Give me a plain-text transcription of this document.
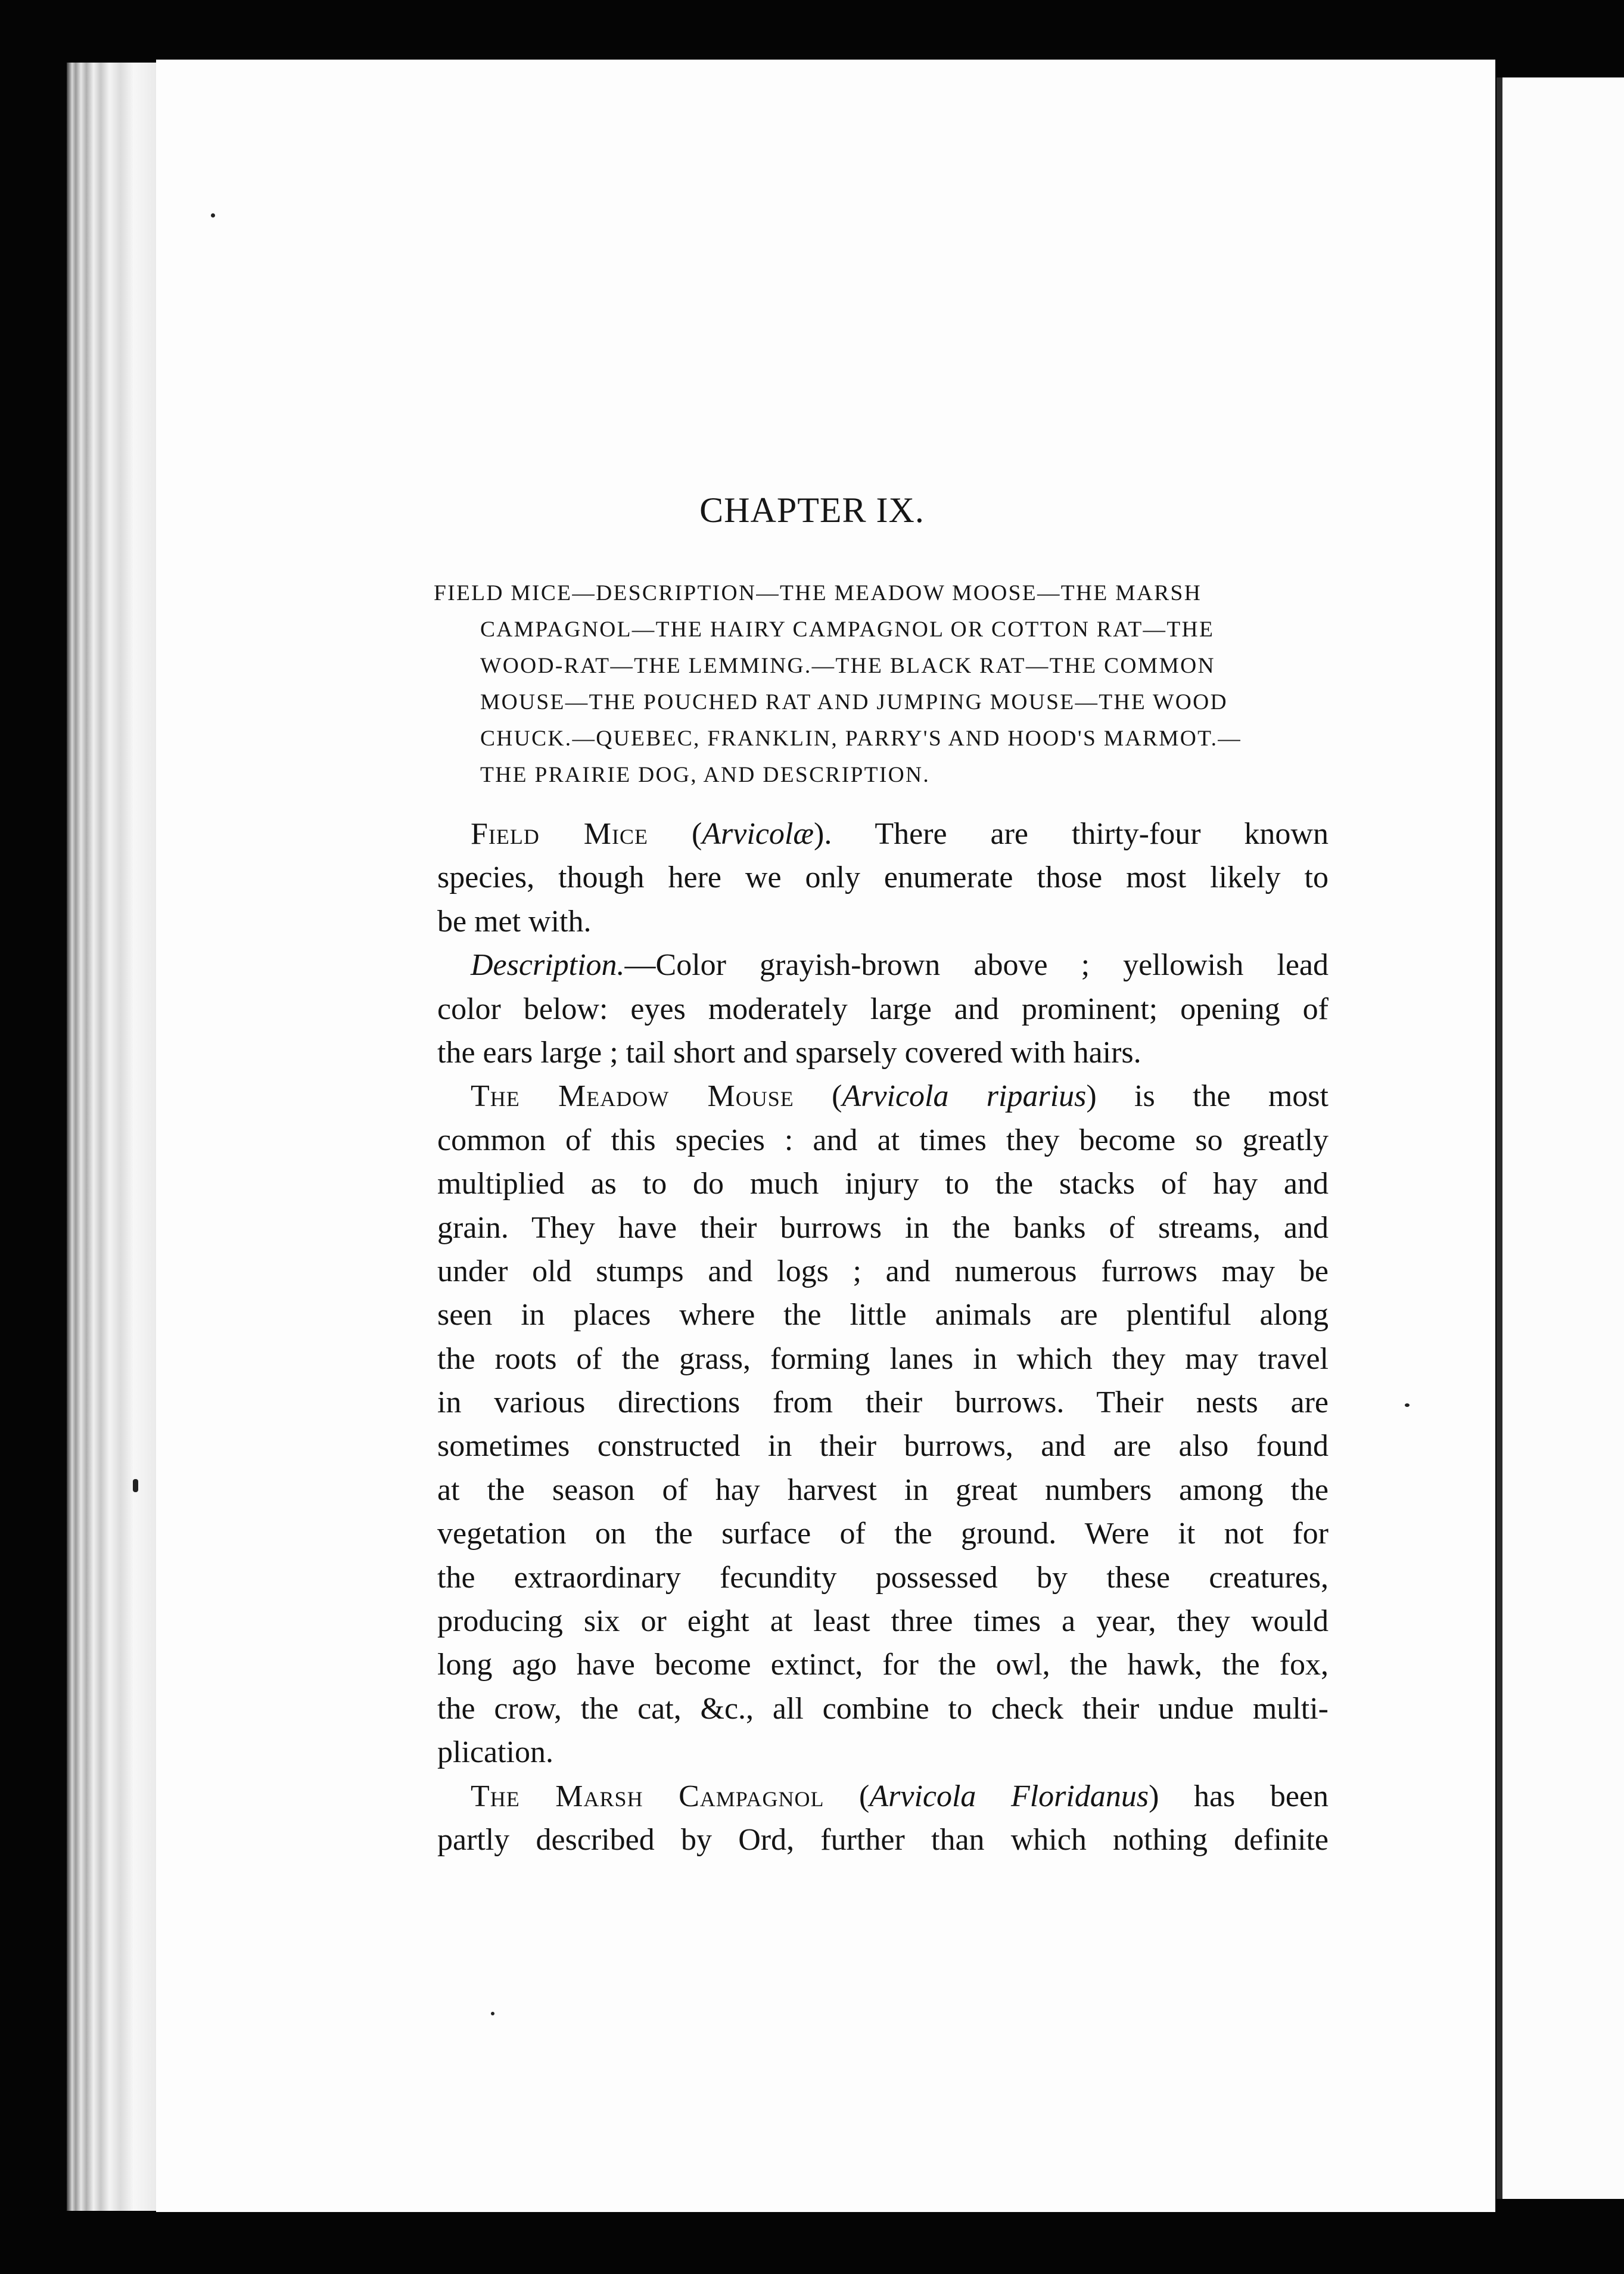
CHAPTER IX.
FIELD MICE—DESCRIPTION—THE MEADOW MOOSE—THE MARSH
CAMPAGNOL—THE HAIRY CAMPAGNOL OR COTTON RAT—THE
WOOD-RAT—THE LEMMING.—THE BLACK RAT—THE COMMON
MOUSE—THE POUCHED RAT AND JUMPING MOUSE—THE WOOD
CHUCK.—QUEBEC, FRANKLIN, PARRY'S AND HOOD'S MARMOT.—
THE PRAIRIE DOG, AND DESCRIPTION.
Field Mice (Arvicolæ). There are thirty-four known
species, though here we only enumerate those most likely to
be met with.
Description.—Color grayish-brown above ; yellowish lead
color below: eyes moderately large and prominent; opening of
the ears large ; tail short and sparsely covered with hairs.
The Meadow Mouse (Arvicola riparius) is the most
common of this species : and at times they become so greatly
multiplied as to do much injury to the stacks of hay and
grain. They have their burrows in the banks of streams, and
under old stumps and logs ; and numerous furrows may be
seen in places where the little animals are plentiful along
the roots of the grass, forming lanes in which they may travel
in various directions from their burrows. Their nests are
sometimes constructed in their burrows, and are also found
at the season of hay harvest in great numbers among the
vegetation on the surface of the ground. Were it not for
the extraordinary fecundity possessed by these creatures,
producing six or eight at least three times a year, they would
long ago have become extinct, for the owl, the hawk, the fox,
the crow, the cat, &c., all combine to check their undue multi-
plication.
The Marsh Campagnol (Arvicola Floridanus) has been
partly described by Ord, further than which nothing definite
